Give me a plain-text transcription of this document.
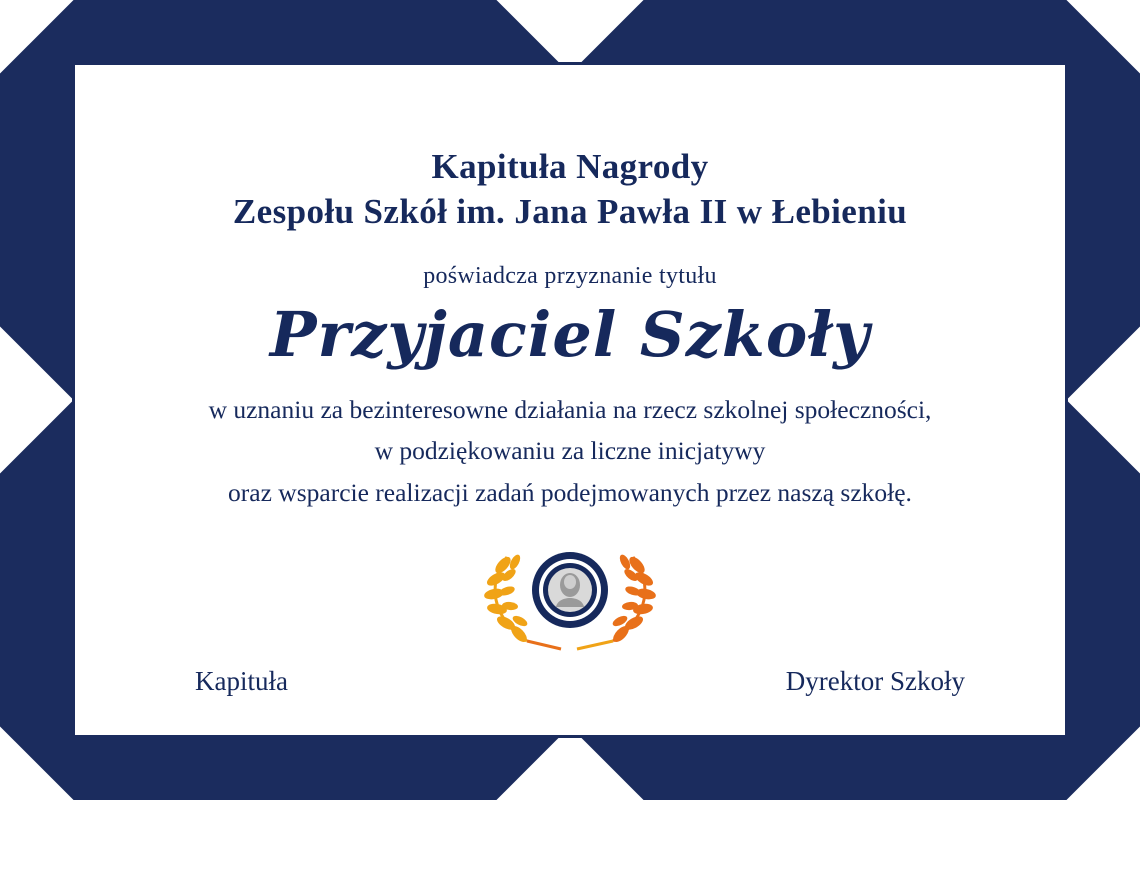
Kapituła Nagrody
Zespołu Szkół im. Jana Pawła II w Łebieniu
poświadcza przyznanie tytułu
Przyjaciel Szkoły
w uznaniu za bezinteresowne działania na rzecz szkolnej społeczności,
w podziękowaniu za liczne inicjatywy
oraz wsparcie realizacji zadań podejmowanych przez naszą szkołę.
Kapituła	Dyrektor Szkoły
